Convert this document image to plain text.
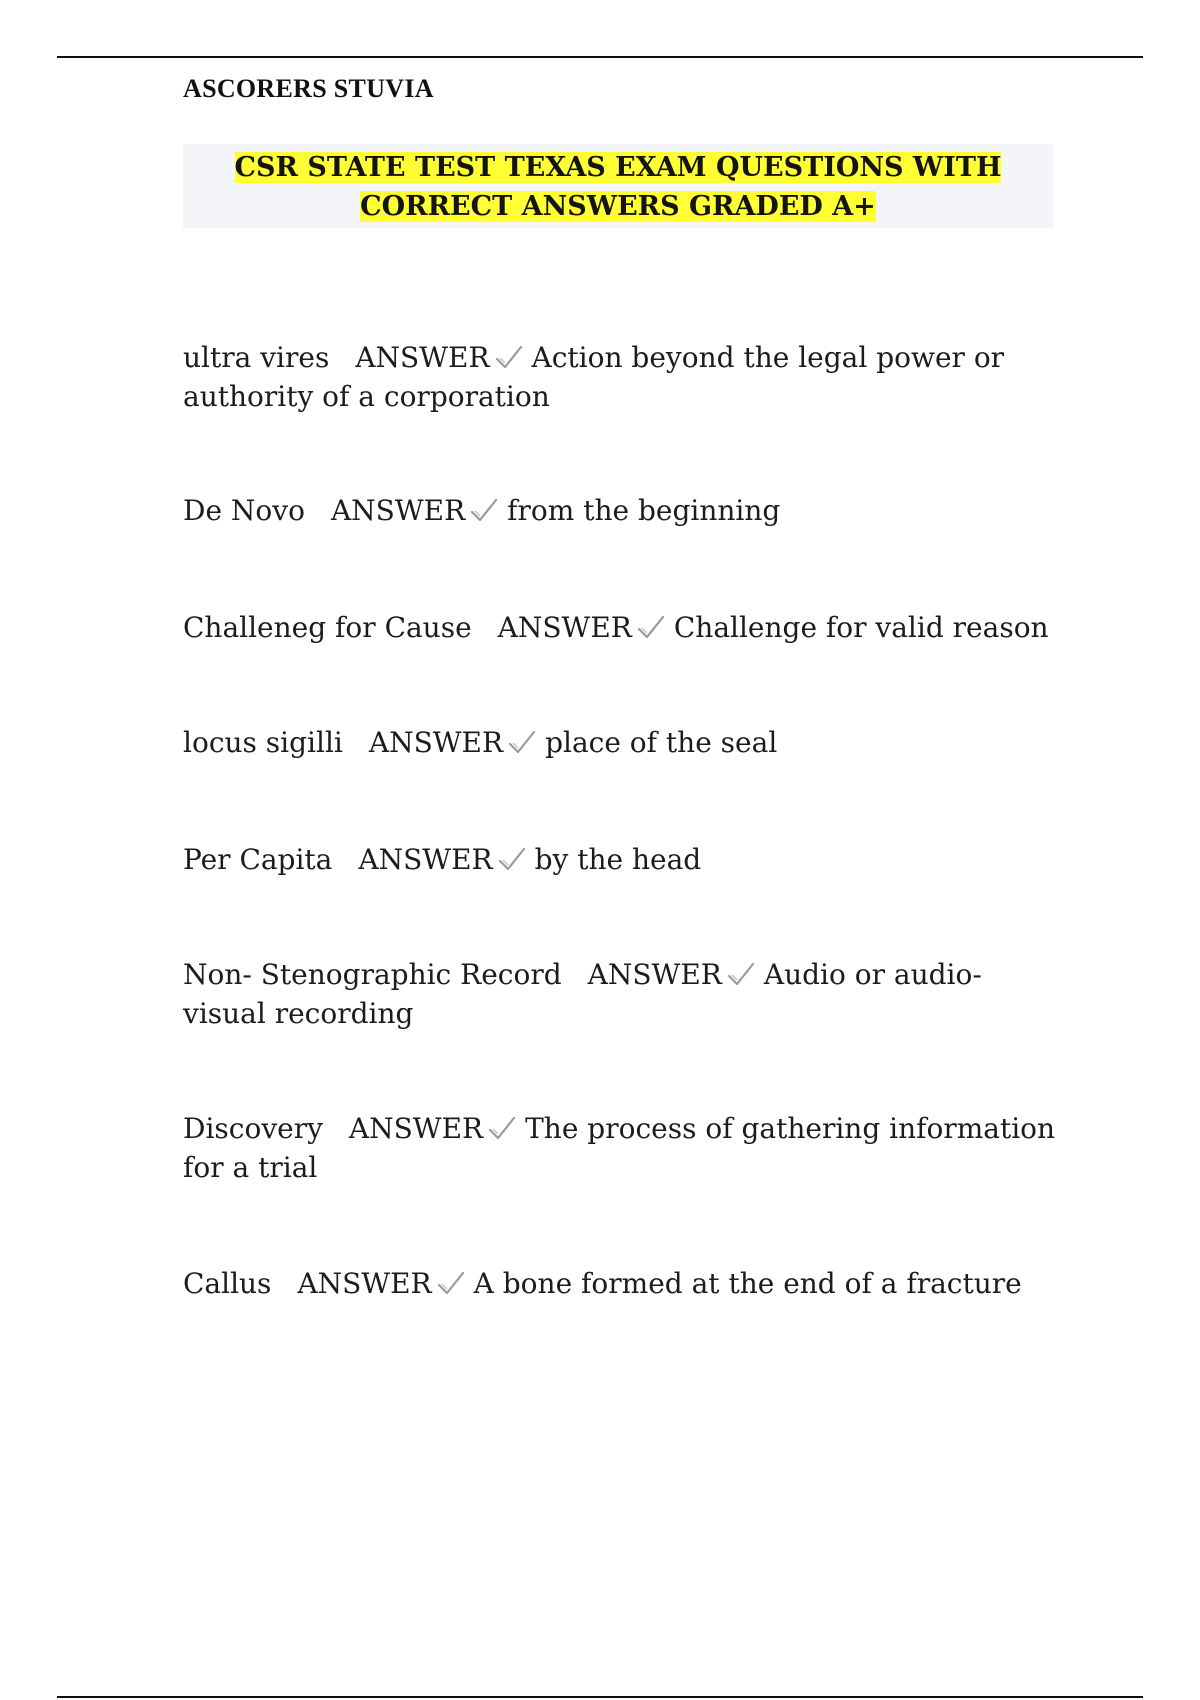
ASCORERS STUVIA
CSR STATE TEST TEXAS EXAM QUESTIONS WITH CORRECT ANSWERS GRADED A+
ultra vires ANSWER Action beyond the legal power or authority of a corporation
De Novo ANSWER from the beginning
Challeneg for Cause ANSWER Challenge for valid reason
locus sigilli ANSWER place of the seal
Per Capita ANSWER by the head
Non- Stenographic Record ANSWER Audio or audio-visual recording
Discovery ANSWER The process of gathering information for a trial
Callus ANSWER A bone formed at the end of a fracture
